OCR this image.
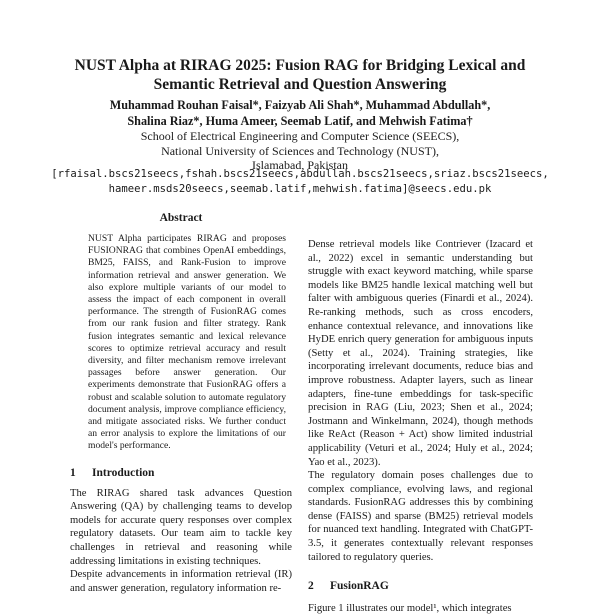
NUST Alpha at RIRAG 2025: Fusion RAG for Bridging Lexical and
Semantic Retrieval and Question Answering
Muhammad Rouhan Faisal*, Faizyab Ali Shah*, Muhammad Abdullah*,
Shalina Riaz*, Huma Ameer, Seemab Latif, and Mehwish Fatima†
School of Electrical Engineering and Computer Science (SEECS),
National University of Sciences and Technology (NUST),
Islamabad, Pakistan
[rfaisal.bscs21seecs,fshah.bscs21seecs,abdullah.bscs21seecs,sriaz.bscs21seecs,
hameer.msds20seecs,seemab.latif,mehwish.fatima]@seecs.edu.pk
Abstract
NUST Alpha participates RIRAG and proposes FUSIONRAG that combines OpenAI embeddings, BM25, FAISS, and Rank-Fusion to improve information retrieval and answer generation. We also explore multiple variants of our model to assess the impact of each component in overall performance. The strength of FusionRAG comes from our rank fusion and filter strategy. Rank fusion integrates semantic and lexical relevance scores to optimize retrieval accuracy and result diversity, and filter mechanism remove irrelevant passages before answer generation. Our experiments demonstrate that FusionRAG offers a robust and scalable solution to automate regulatory document analysis, improve compliance efficiency, and mitigate associated risks. We further conduct an error analysis to explore the limitations of our model's performance.
1 Introduction

The RIRAG shared task advances Question Answering (QA) by challenging teams to develop models for accurate query responses over complex regulatory datasets. Our team aim to tackle key challenges in retrieval and reasoning while addressing limitations in existing techniques.

Despite advancements in information retrieval (IR) and answer generation, regulatory information re-

Dense retrieval models like Contriever (Izacard et al., 2022) excel in semantic understanding but struggle with exact keyword matching, while sparse models like BM25 handle lexical matching well but falter with ambiguous queries (Finardi et al., 2024). Re-ranking methods, such as cross encoders, enhance contextual relevance, and innovations like HyDE enrich query generation for ambiguous inputs (Setty et al., 2024). Training strategies, like incorporating irrelevant documents, reduce bias and improve robustness. Adapter layers, such as linear adapters, fine-tune embeddings for task-specific precision in RAG (Liu, 2023; Shen et al., 2024; Jostmann and Winkelmann, 2024), though methods like ReAct (Reason + Act) show limited industrial applicability (Veturi et al., 2024; Huly et al., 2024; Yao et al., 2023).

The regulatory domain poses challenges due to complex compliance, evolving laws, and regional standards. FusionRAG addresses this by combining dense (FAISS) and sparse (BM25) retrieval models for nuanced text handling. Integrated with ChatGPT-3.5, it generates contextually relevant responses tailored to regulatory queries.

2 FusionRAG

Figure 1 illustrates our model¹, which integrates
